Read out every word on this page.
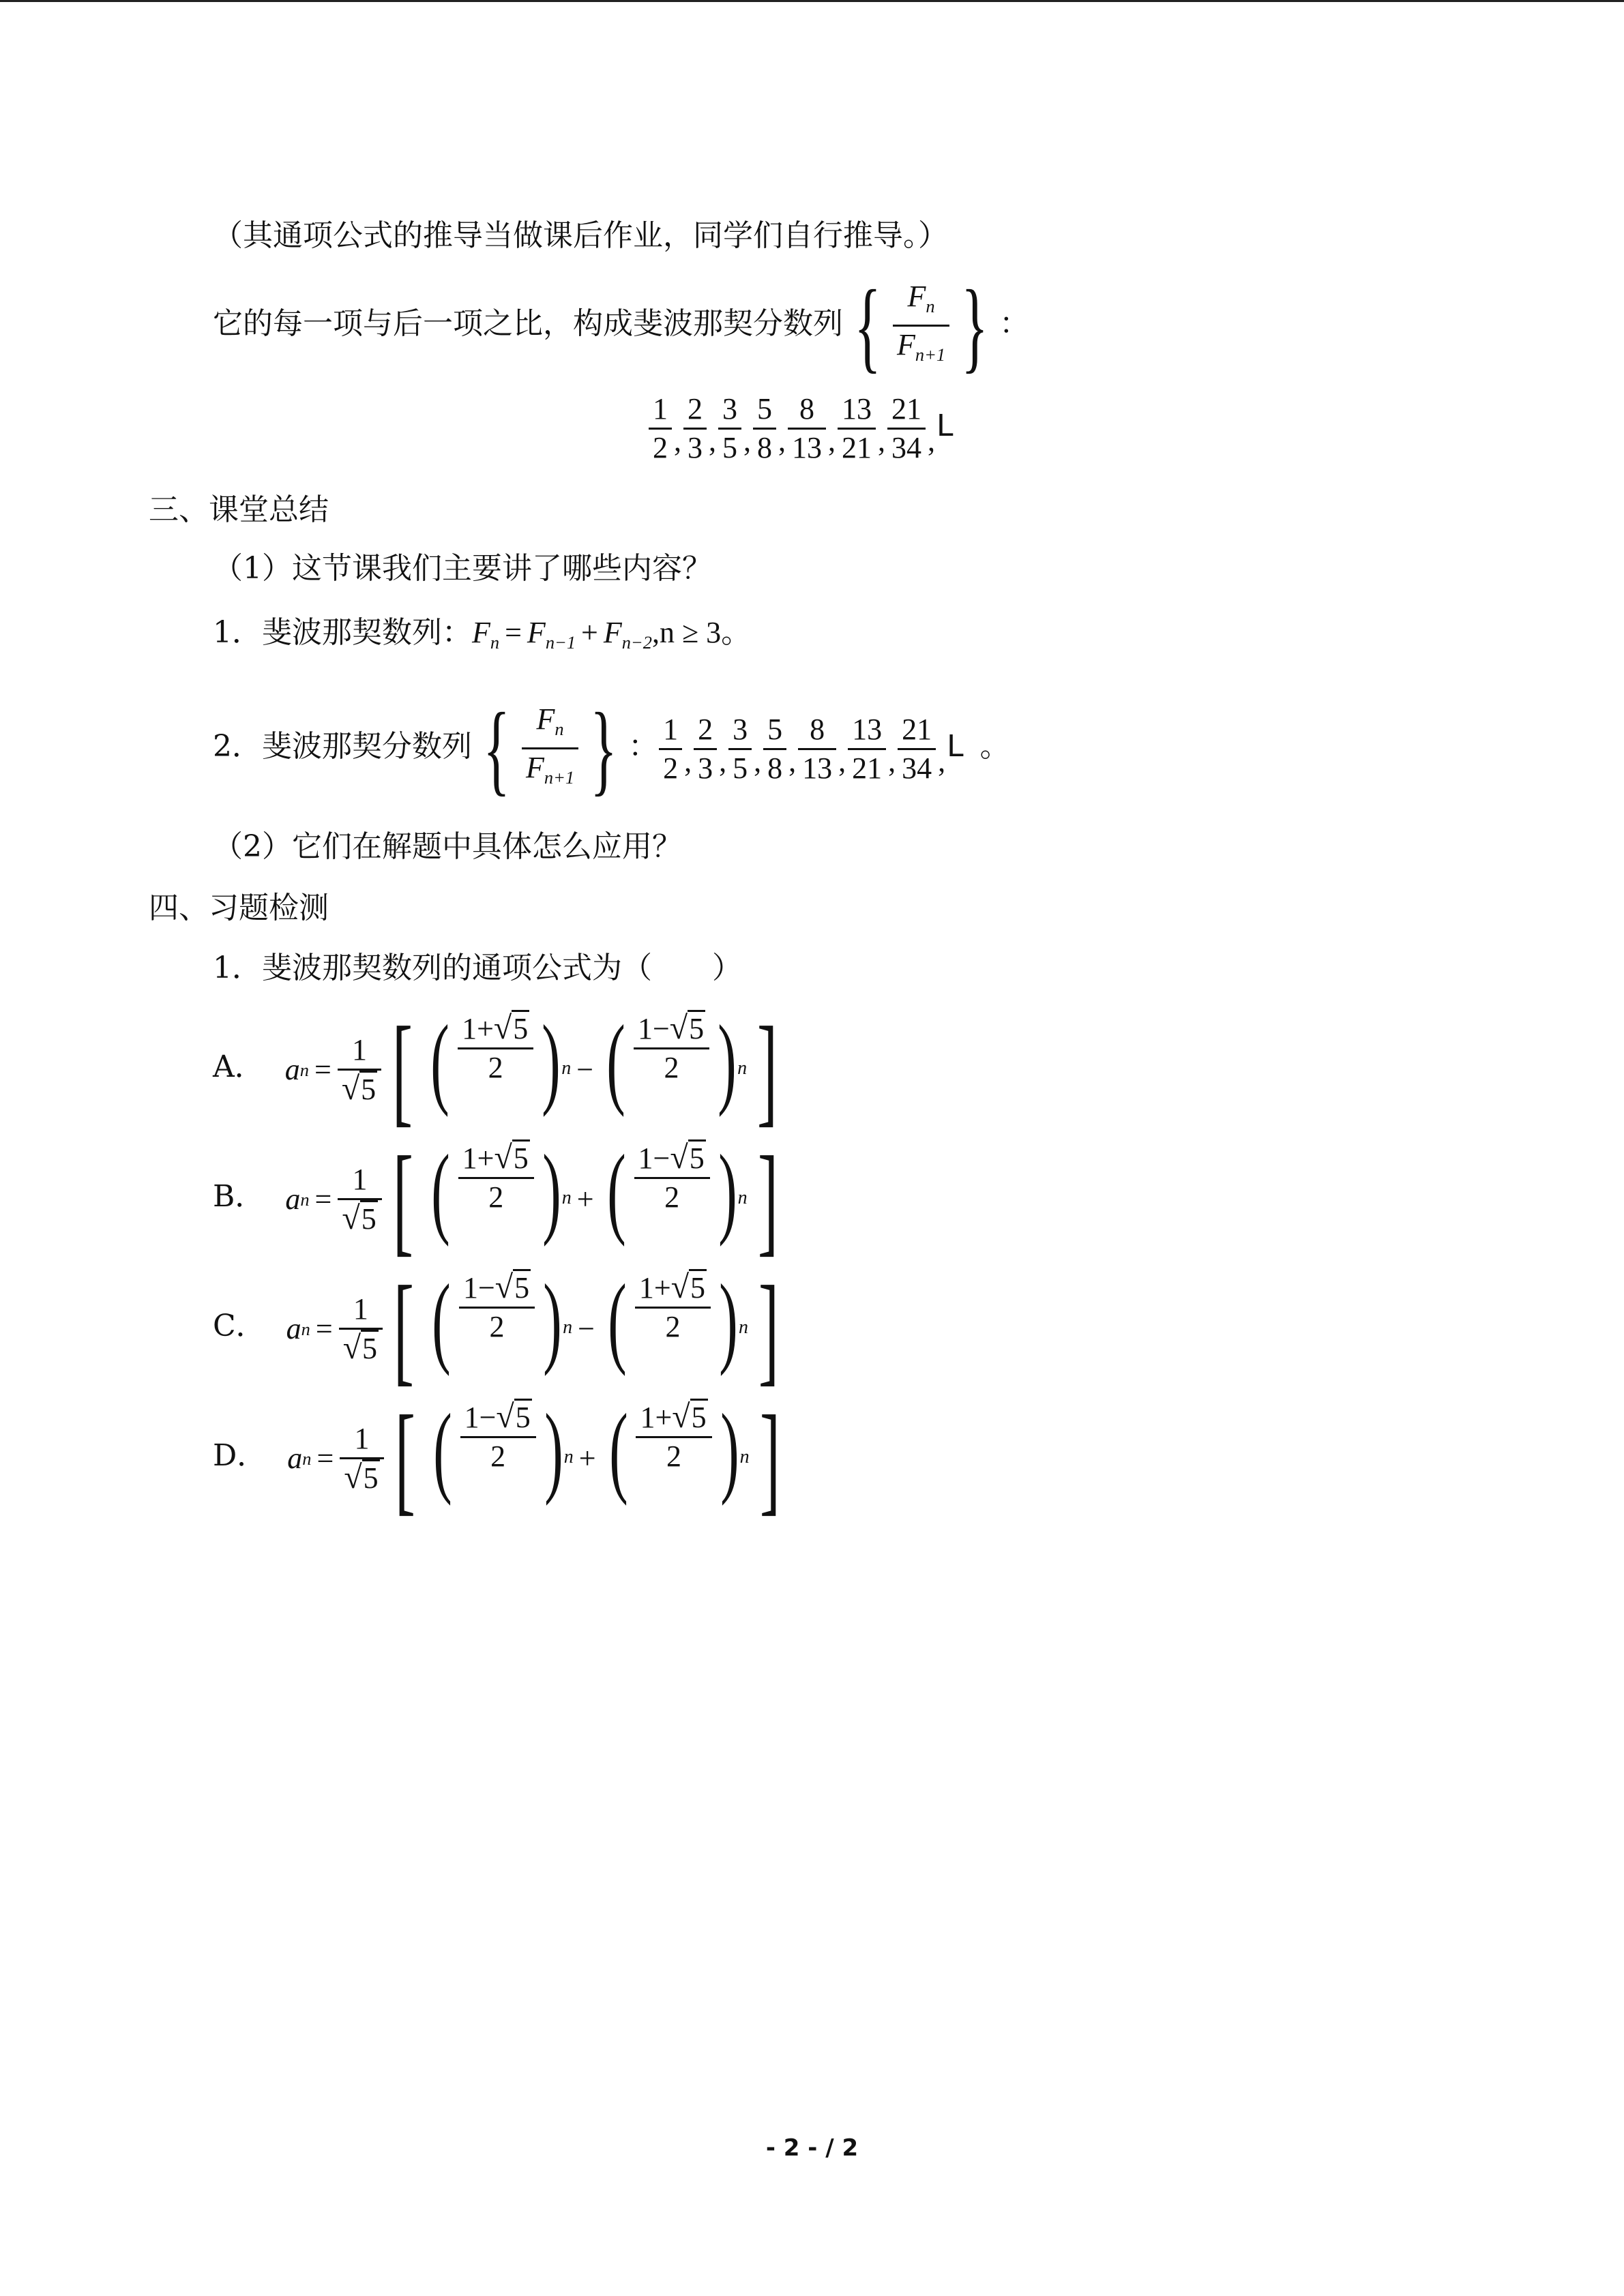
（其通项公式的推导当做课后作业，同学们自行推导。）
它的每一项与后一项之比，构成斐波那契分数列 { $\frac{F_n}{F_{n+1}}$ } ：
$\frac{1}{2}$ , $\frac{2}{3}$ , $\frac{3}{5}$ , $\frac{5}{8}$ , $\frac{8}{13}$ , $\frac{13}{21}$ , $\frac{21}{34} ,L$
三、课堂总结
（1）这节课我们主要讲了哪些内容？
1．斐波那契数列：$F_n = F_{n-1} + F_{n-2},n \ge 3$。
2．斐波那契分数列 { $\frac{F_n}{F_{n+1}}$ } ： $\frac{1}{2}$ , $\frac{2}{3}$ , $\frac{3}{5}$ , $\frac{5}{8}$ , $\frac{8}{13}$ , $\frac{13}{21}$ , $\frac{21}{34} ,L$ 。
（2）它们在解题中具体怎么应用？
四、习题检测
1．斐波那契数列的通项公式为（　　）
A． a $n = \frac{1}{√5}$ [ ( $\frac{1+√5}{2}$ ) n − ( $\frac{1-√5}{2}$ ) n ]
B． a $n = \frac{1}{√5}$ [ ( $\frac{1+√5}{2}$ ) n + ( $\frac{1-√5}{2}$ ) n ]
C． a $n = \frac{1}{√5}$ [ ( $\frac{1-√5}{2}$ ) n − ( $\frac{1+√5}{2}$ ) n ]
D． a $n = \frac{1}{√5}$ [ ( $\frac{1-√5}{2}$ ) n + ( $\frac{1+√5}{2}$ ) n ]
- 2 - / 2
